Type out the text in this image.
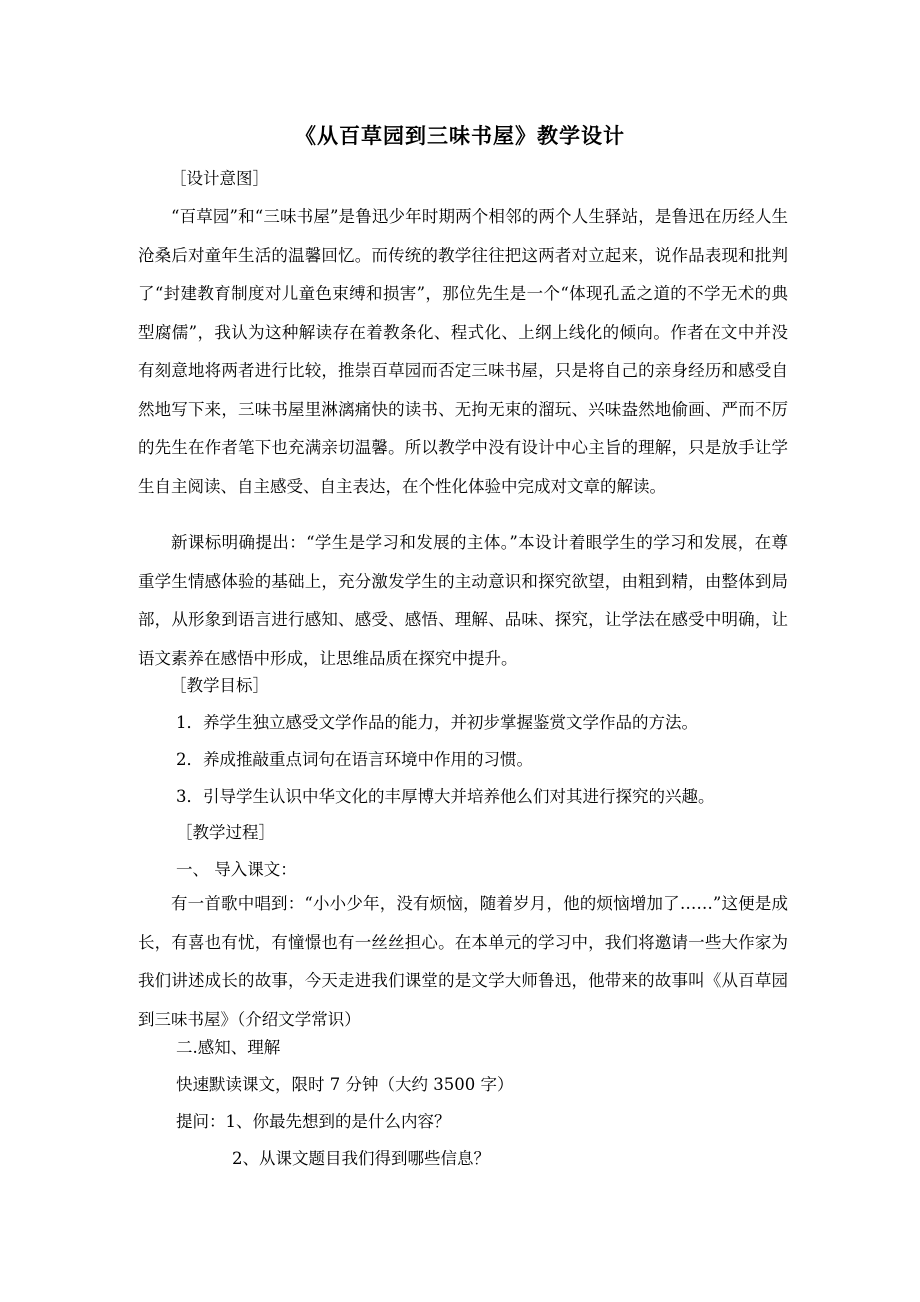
《从百草园到三味书屋》教学设计

［设计意图］

“百草园”和“三味书屋”是鲁迅少年时期两个相邻的两个人生驿站，是鲁迅在历经人生沧桑后对童年生活的温馨回忆。而传统的教学往往把这两者对立起来，说作品表现和批判了“封建教育制度对儿童色束缚和损害”，那位先生是一个“体现孔孟之道的不学无术的典型腐儒”，我认为这种解读存在着教条化、程式化、上纲上线化的倾向。作者在文中并没有刻意地将两者进行比较，推崇百草园而否定三味书屋，只是将自己的亲身经历和感受自然地写下来，三味书屋里淋漓痛快的读书、无拘无束的溜玩、兴味盎然地偷画、严而不厉的先生在作者笔下也充满亲切温馨。所以教学中没有设计中心主旨的理解，只是放手让学生自主阅读、自主感受、自主表达，在个性化体验中完成对文章的解读。

新课标明确提出：“学生是学习和发展的主体。”本设计着眼学生的学习和发展，在尊重学生情感体验的基础上，充分激发学生的主动意识和探究欲望，由粗到精，由整体到局部，从形象到语言进行感知、感受、感悟、理解、品味、探究，让学法在感受中明确，让语文素养在感悟中形成，让思维品质在探究中提升。

［教学目标］

1．养学生独立感受文学作品的能力，并初步掌握鉴赏文学作品的方法。

2．养成推敲重点词句在语言环境中作用的习惯。

3．引导学生认识中华文化的丰厚博大并培养他么们对其进行探究的兴趣。

［教学过程］

一、 导入课文：

有一首歌中唱到：“小小少年，没有烦恼，随着岁月，他的烦恼增加了……”这便是成长，有喜也有忧，有憧憬也有一丝丝担心。在本单元的学习中，我们将邀请一些大作家为我们讲述成长的故事，今天走进我们课堂的是文学大师鲁迅，他带来的故事叫《从百草园到三味书屋》（介绍文学常识）

二.感知、理解

快速默读课文，限时 7 分钟（大约 3500 字）

提问：1、你最先想到的是什么内容？

2、从课文题目我们得到哪些信息？
